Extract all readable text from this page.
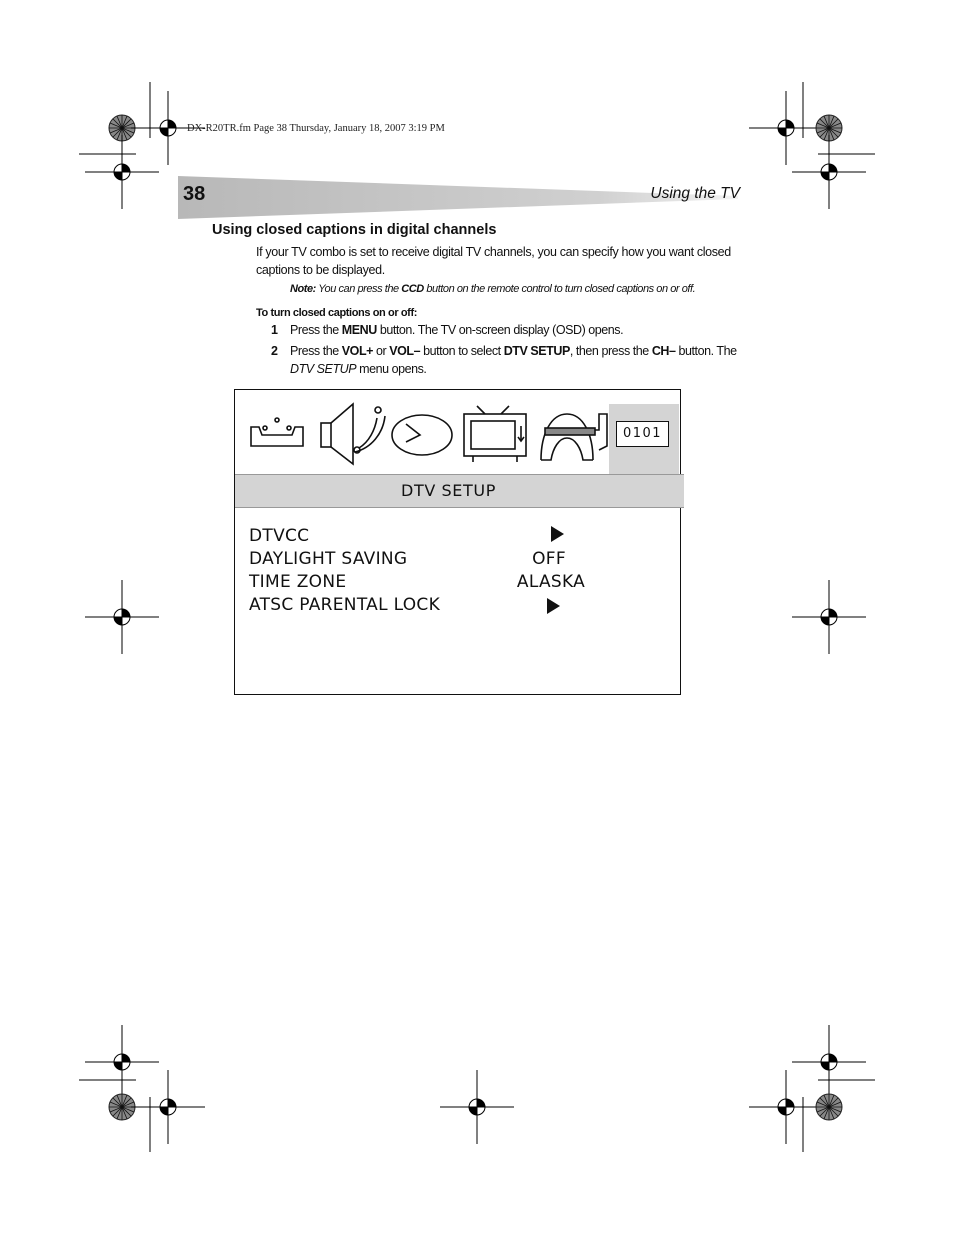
DX-R20TR.fm Page 38 Thursday, January 18, 2007 3:19 PM
38	Using the TV
Using closed captions in digital channels
If your TV combo is set to receive digital TV channels, you can specify how you want closed captions to be displayed.
Note: You can press the CCD button on the remote control to turn closed captions on or off.
To turn closed captions on or off:
1 Press the MENU button. The TV on-screen display (OSD) opens.
2 Press the VOL+ or VOL– button to select DTV SETUP, then press the CH– button. The DTV SETUP menu opens.
0101
DTV SETUP
DTVCC
DAYLIGHT SAVING	OFF
TIME ZONE	ALASKA
ATSC PARENTAL LOCK
